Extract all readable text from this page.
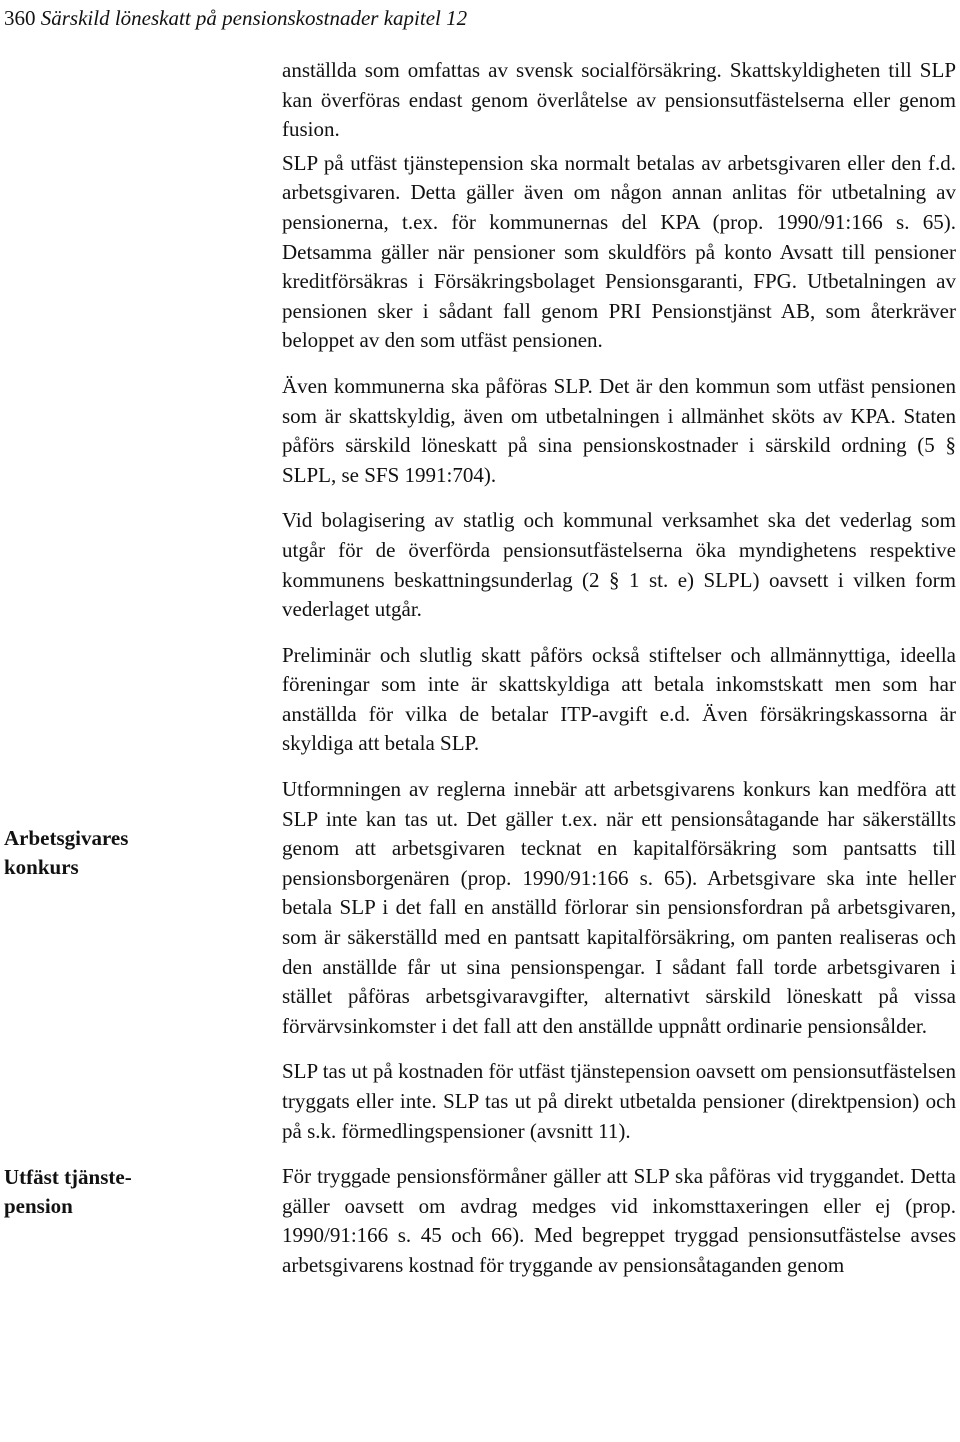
360 Särskild löneskatt på pensionskostnader kapitel 12
Arbetsgivares
konkurs
Utfäst tjänste-
pension

anställda som omfattas av svensk socialförsäkring. Skattskyldigheten till SLP kan överföras endast genom överlåtelse av pensionsutfästelserna eller genom fusion.

SLP på utfäst tjänstepension ska normalt betalas av arbetsgivaren eller den f.d. arbetsgivaren. Detta gäller även om någon annan anlitas för utbetalning av pensionerna, t.ex. för kommunernas del KPA (prop. 1990/91:166 s. 65). Detsamma gäller när pensioner som skuldförs på konto Avsatt till pensioner kreditförsäkras i Försäkringsbolaget Pensionsgaranti, FPG. Utbetalningen av pensionen sker i sådant fall genom PRI Pensionstjänst AB, som återkräver beloppet av den som utfäst pensionen.

Även kommunerna ska påföras SLP. Det är den kommun som utfäst pensionen som är skattskyldig, även om utbetalningen i allmänhet sköts av KPA. Staten påförs särskild löneskatt på sina pensionskostnader i särskild ordning (5 § SLPL, se SFS 1991:704).

Vid bolagisering av statlig och kommunal verksamhet ska det vederlag som utgår för de överförda pensionsutfästelserna öka myndighetens respektive kommunens beskattningsunderlag (2 § 1 st. e) SLPL) oavsett i vilken form vederlaget utgår.

Preliminär och slutlig skatt påförs också stiftelser och allmännyttiga, ideella föreningar som inte är skattskyldiga att betala inkomstskatt men som har anställda för vilka de betalar ITP-avgift e.d. Även försäkringskassorna är skyldiga att betala SLP.

Utformningen av reglerna innebär att arbetsgivarens konkurs kan medföra att SLP inte kan tas ut. Det gäller t.ex. när ett pensionsåtagande har säkerställts genom att arbetsgivaren tecknat en kapitalförsäkring som pantsatts till pensionsborgenären (prop. 1990/91:166 s. 65). Arbetsgivare ska inte heller betala SLP i det fall en anställd förlorar sin pensionsfordran på arbetsgivaren, som är säkerställd med en pantsatt kapitalförsäkring, om panten realiseras och den anställde får ut sina pensionspengar. I sådant fall torde arbetsgivaren i stället påföras arbetsgivaravgifter, alternativt särskild löneskatt på vissa förvärvsinkomster i det fall att den anställde uppnått ordinarie pensionsålder.

SLP tas ut på kostnaden för utfäst tjänstepension oavsett om pensionsutfästelsen tryggats eller inte. SLP tas ut på direkt utbetalda pensioner (direktpension) och på s.k. förmedlingspensioner (avsnitt 11).

För tryggade pensionsförmåner gäller att SLP ska påföras vid tryggandet. Detta gäller oavsett om avdrag medges vid inkomsttaxeringen eller ej (prop. 1990/91:166 s. 45 och 66). Med begreppet tryggad pensionsutfästelse avses arbetsgivarens kostnad för tryggande av pensionsåtaganden genom
